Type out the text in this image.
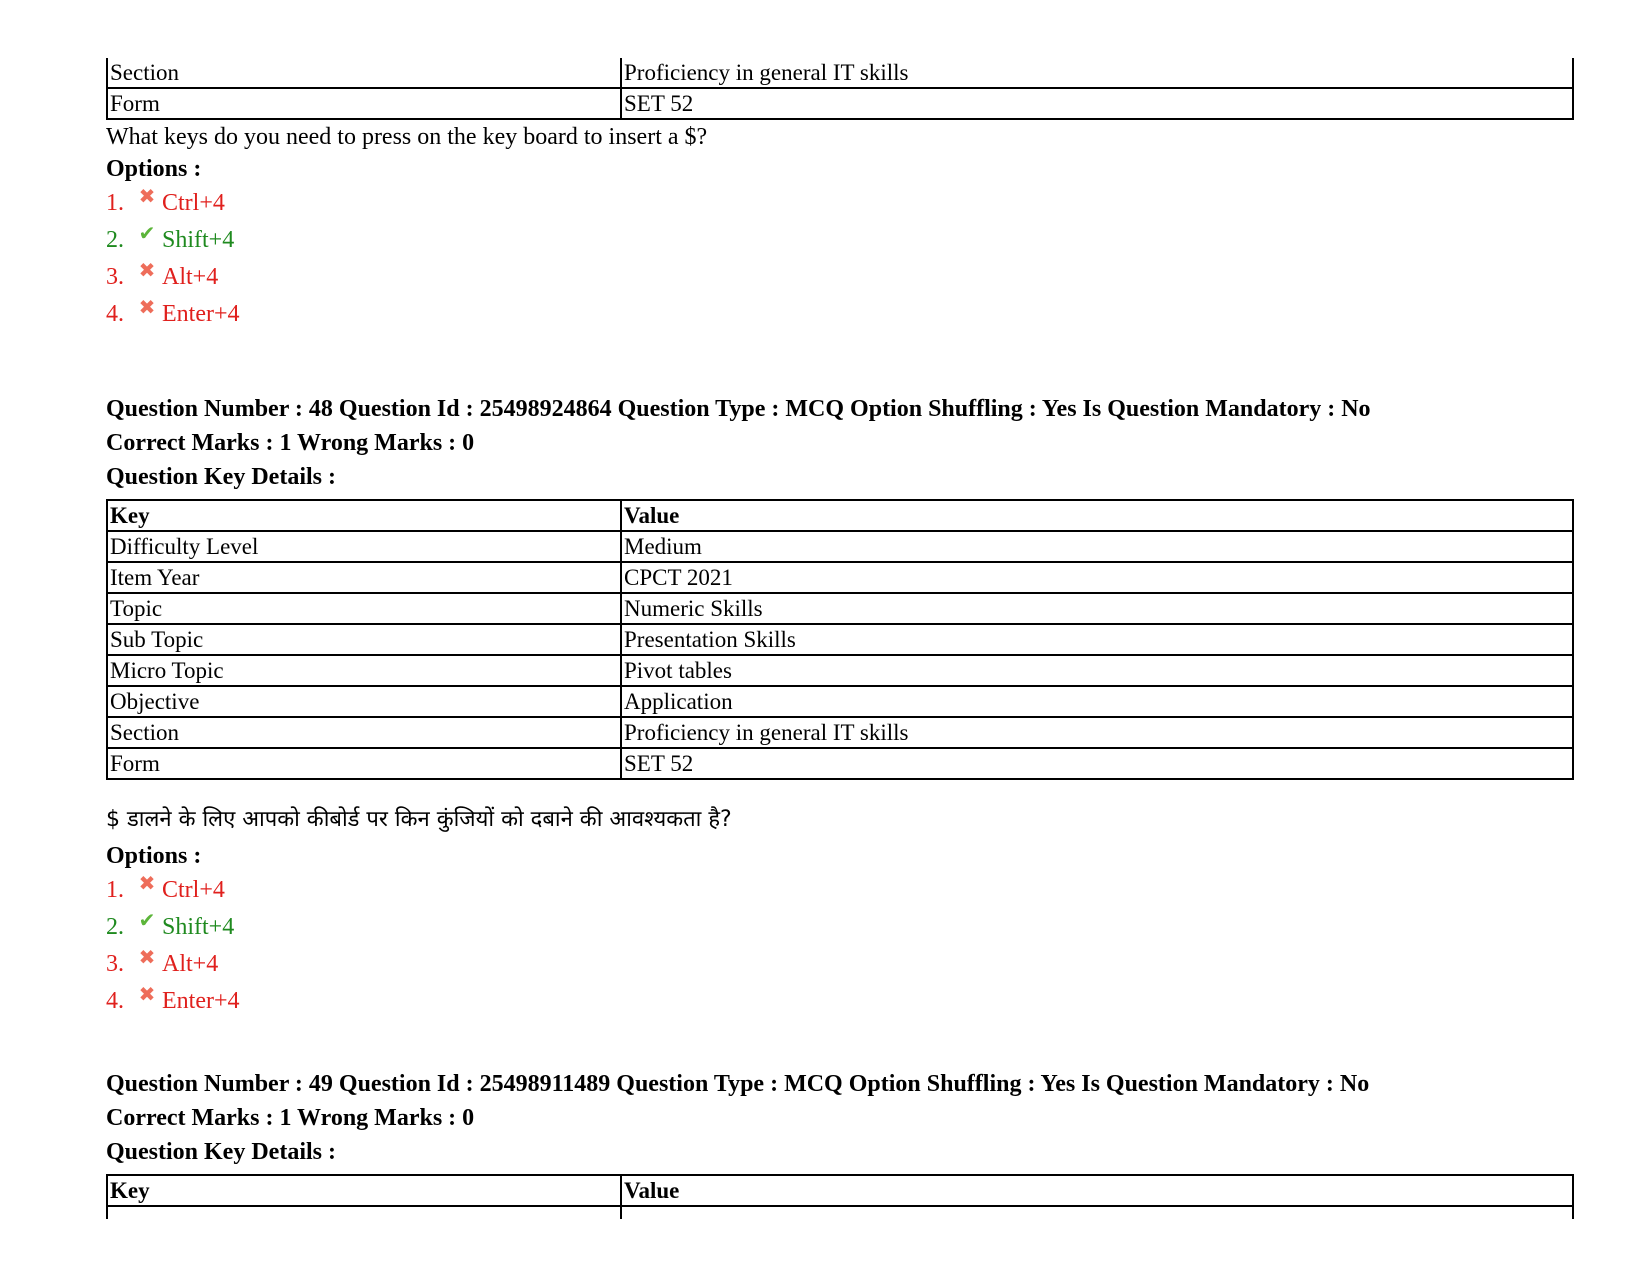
Section	Proficiency in general IT skills
Form	SET 52
What keys do you need to press on the key board to insert a $?
Options :
1. ✖ Ctrl+4
2. ✔ Shift+4
3. ✖ Alt+4
4. ✖ Enter+4
Question Number : 48 Question Id : 25498924864 Question Type : MCQ Option Shuffling : Yes Is Question Mandatory : No
Correct Marks : 1 Wrong Marks : 0
Question Key Details :
Key	Value
Difficulty Level	Medium
Item Year	CPCT 2021
Topic	Numeric Skills
Sub Topic	Presentation Skills
Micro Topic	Pivot tables
Objective	Application
Section	Proficiency in general IT skills
Form	SET 52
$ डालने के लिए आपको कीबोर्ड पर किन कुंजियों को दबाने की आवश्यकता है?
Options :
1. ✖ Ctrl+4
2. ✔ Shift+4
3. ✖ Alt+4
4. ✖ Enter+4
Question Number : 49 Question Id : 25498911489 Question Type : MCQ Option Shuffling : Yes Is Question Mandatory : No
Correct Marks : 1 Wrong Marks : 0
Question Key Details :
Key	Value
